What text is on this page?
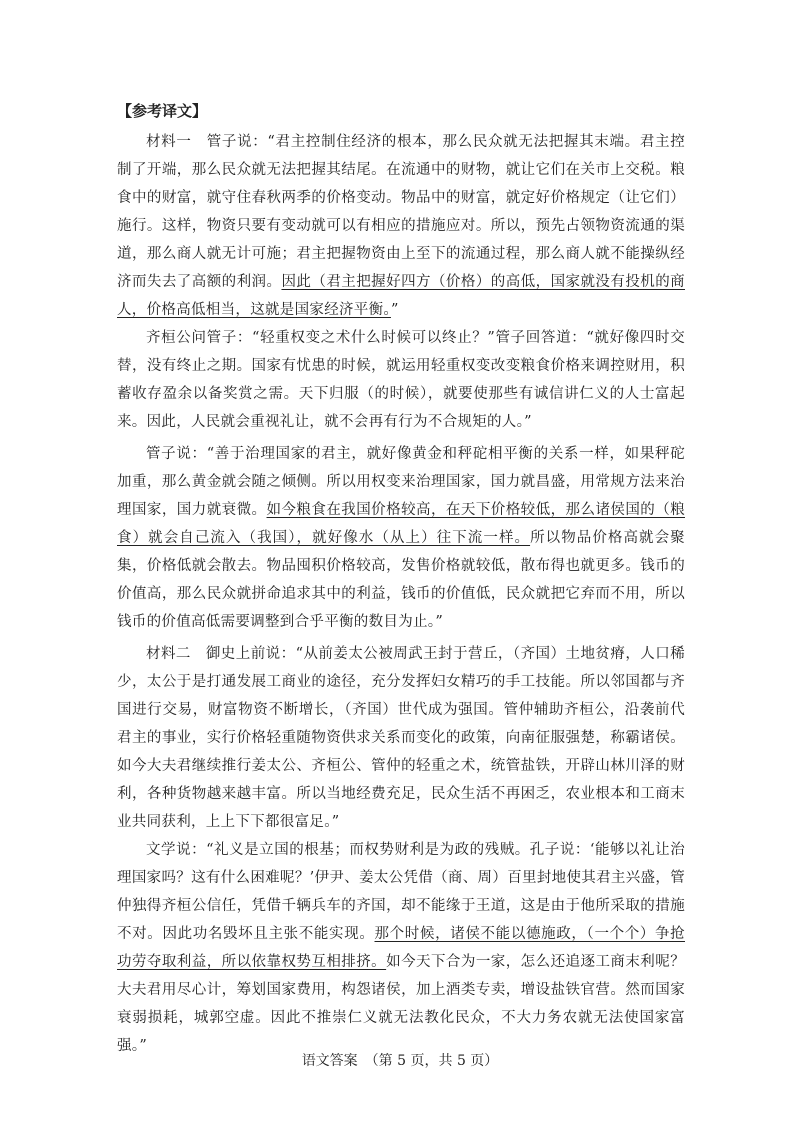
【参考译文】
材料一　管子说：“君主控制住经济的根本，那么民众就无法把握其末端。君主控制了开端，那么民众就无法把握其结尾。在流通中的财物，就让它们在关市上交税。粮食中的财富，就守住春秋两季的价格变动。物品中的财富，就定好价格规定（让它们）施行。这样，物资只要有变动就可以有相应的措施应对。所以，预先占领物资流通的渠道，那么商人就无计可施；君主把握物资由上至下的流通过程，那么商人就不能操纵经济而失去了高额的利润。因此（君主把握好四方（价格）的高低，国家就没有投机的商人，价格高低相当，这就是国家经济平衡。”
齐桓公问管子：“轻重权变之术什么时候可以终止？”管子回答道：“就好像四时交替，没有终止之期。国家有忧患的时候，就运用轻重权变改变粮食价格来调控财用，积蓄收存盈余以备奖赏之需。天下归服（的时候），就要使那些有诚信讲仁义的人士富起来。因此，人民就会重视礼让，就不会再有行为不合规矩的人。”
管子说：“善于治理国家的君主，就好像黄金和秤砣相平衡的关系一样，如果秤砣加重，那么黄金就会随之倾侧。所以用权变来治理国家，国力就昌盛，用常规方法来治理国家，国力就衰微。如今粮食在我国价格较高，在天下价格较低，那么诸侯国的（粮食）就会自己流入（我国），就好像水（从上）往下流一样。所以物品价格高就会聚集，价格低就会散去。物品囤积价格较高，发售价格就较低，散布得也就更多。钱币的价值高，那么民众就拼命追求其中的利益，钱币的价值低，民众就把它弃而不用，所以钱币的价值高低需要调整到合乎平衡的数目为止。”
材料二　御史上前说：“从前姜太公被周武王封于营丘，（齐国）土地贫瘠，人口稀少，太公于是打通发展工商业的途径，充分发挥妇女精巧的手工技能。所以邻国都与齐国进行交易，财富物资不断增长，（齐国）世代成为强国。管仲辅助齐桓公，沿袭前代君主的事业，实行价格轻重随物资供求关系而变化的政策，向南征服强楚，称霸诸侯。如今大夫君继续推行姜太公、齐桓公、管仲的轻重之术，统管盐铁，开辟山林川泽的财利，各种货物越来越丰富。所以当地经费充足，民众生活不再困乏，农业根本和工商末业共同获利，上上下下都很富足。”
文学说：“礼义是立国的根基；而权势财利是为政的残贼。孔子说：‘能够以礼让治理国家吗？这有什么困难呢？’伊尹、姜太公凭借（商、周）百里封地使其君主兴盛，管仲独得齐桓公信任，凭借千辆兵车的齐国，却不能缘于王道，这是由于他所采取的措施不对。因此功名毁坏且主张不能实现。那个时候，诸侯不能以德施政，（一个个）争抢功劳夺取利益，所以依靠权势互相排挤。如今天下合为一家，怎么还追逐工商末利呢？大夫君用尽心计，筹划国家费用，构怨诸侯，加上酒类专卖，增设盐铁官营。然而国家衰弱损耗，城郭空虚。因此不推崇仁义就无法教化民众，不大力务农就无法使国家富强。”
语文答案　（第 5 页，共 5 页）
